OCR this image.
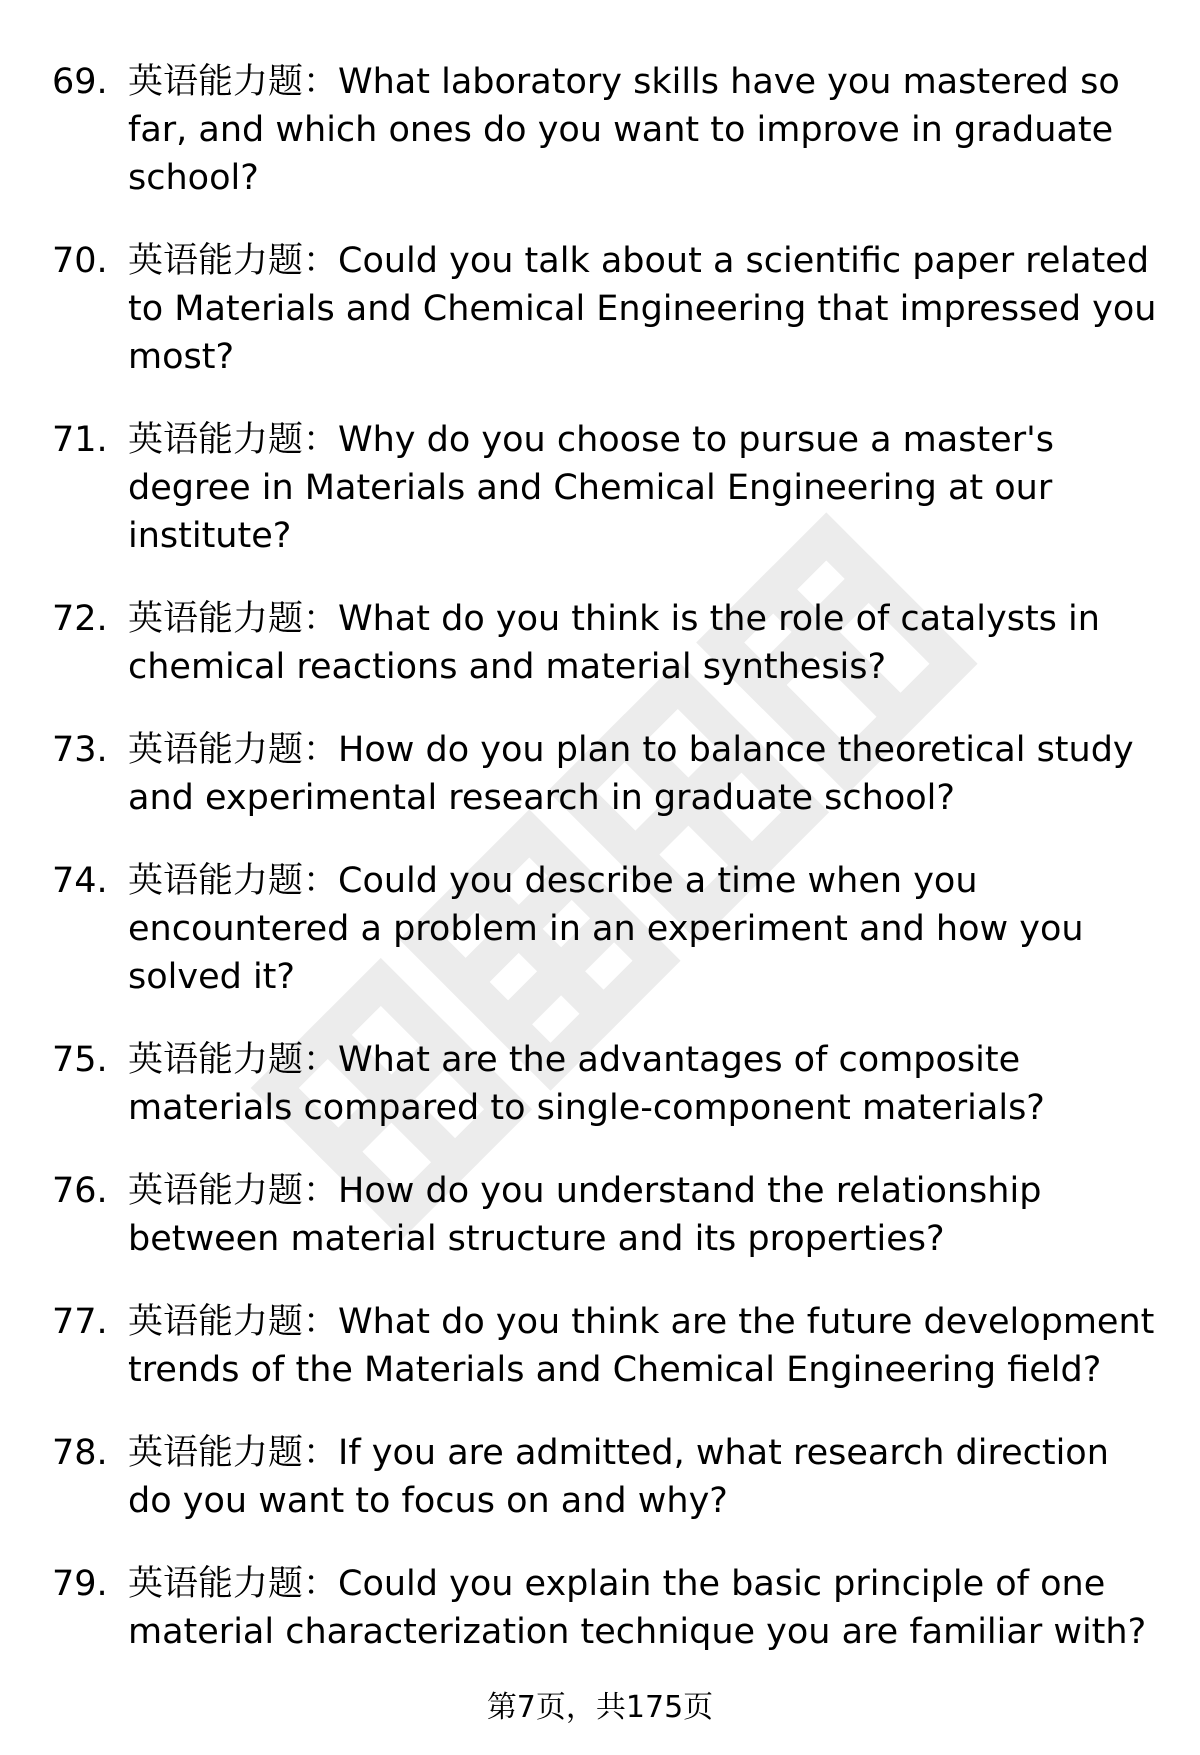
69. 英语能力题：What laboratory skills have you mastered so far, and which ones do you want to improve in graduate school?
70. 英语能力题：Could you talk about a scientific paper related to Materials and Chemical Engineering that impressed you most?
71. 英语能力题：Why do you choose to pursue a master's degree in Materials and Chemical Engineering at our institute?
72. 英语能力题：What do you think is the role of catalysts in chemical reactions and material synthesis?
73. 英语能力题：How do you plan to balance theoretical study and experimental research in graduate school?
74. 英语能力题：Could you describe a time when you encountered a problem in an experiment and how you solved it?
75. 英语能力题：What are the advantages of composite materials compared to single-component materials?
76. 英语能力题：How do you understand the relationship between material structure and its properties?
77. 英语能力题：What do you think are the future development trends of the Materials and Chemical Engineering field?
78. 英语能力题：If you are admitted, what research direction do you want to focus on and why?
79. 英语能力题：Could you explain the basic principle of one material characterization technique you are familiar with?
第7页，共175页
